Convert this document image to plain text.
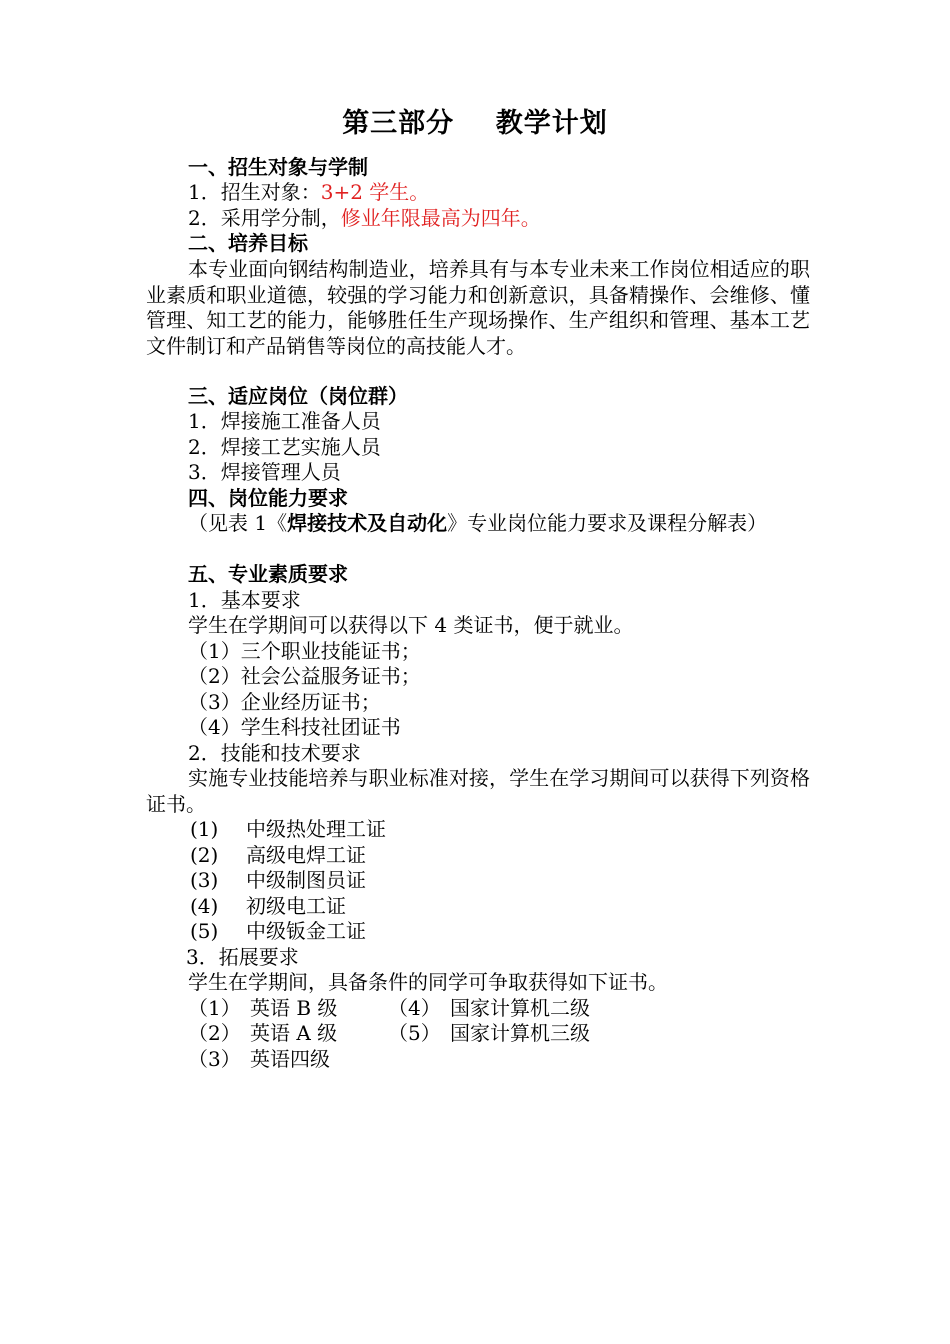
第三部分    教学计划
一、招生对象与学制
1．招生对象：3+2 学生。
2．采用学分制，修业年限最高为四年。
二、培养目标
本专业面向钢结构制造业，培养具有与本专业未来工作岗位相适应的职业素质和职业道德，较强的学习能力和创新意识，具备精操作、会维修、懂管理、知工艺的能力，能够胜任生产现场操作、生产组织和管理、基本工艺文件制订和产品销售等岗位的高技能人才。
三、适应岗位（岗位群）
1．焊接施工准备人员
2．焊接工艺实施人员
3．焊接管理人员
四、岗位能力要求
（见表 1《焊接技术及自动化》专业岗位能力要求及课程分解表）
五、专业素质要求
1．基本要求
学生在学期间可以获得以下 4 类证书，便于就业。
（1）三个职业技能证书；
（2）社会公益服务证书；
（3）企业经历证书；
（4）学生科技社团证书
2．技能和技术要求
实施专业技能培养与职业标准对接，学生在学习期间可以获得下列资格证书。
(1) 中级热处理工证
(2) 高级电焊工证
(3) 中级制图员证
(4) 初级电工证
(5) 中级钣金工证
3．拓展要求
学生在学期间，具备条件的同学可争取获得如下证书。
（1） 英语 B 级	（4） 国家计算机二级
（2） 英语 A 级	（5） 国家计算机三级
（3） 英语四级
